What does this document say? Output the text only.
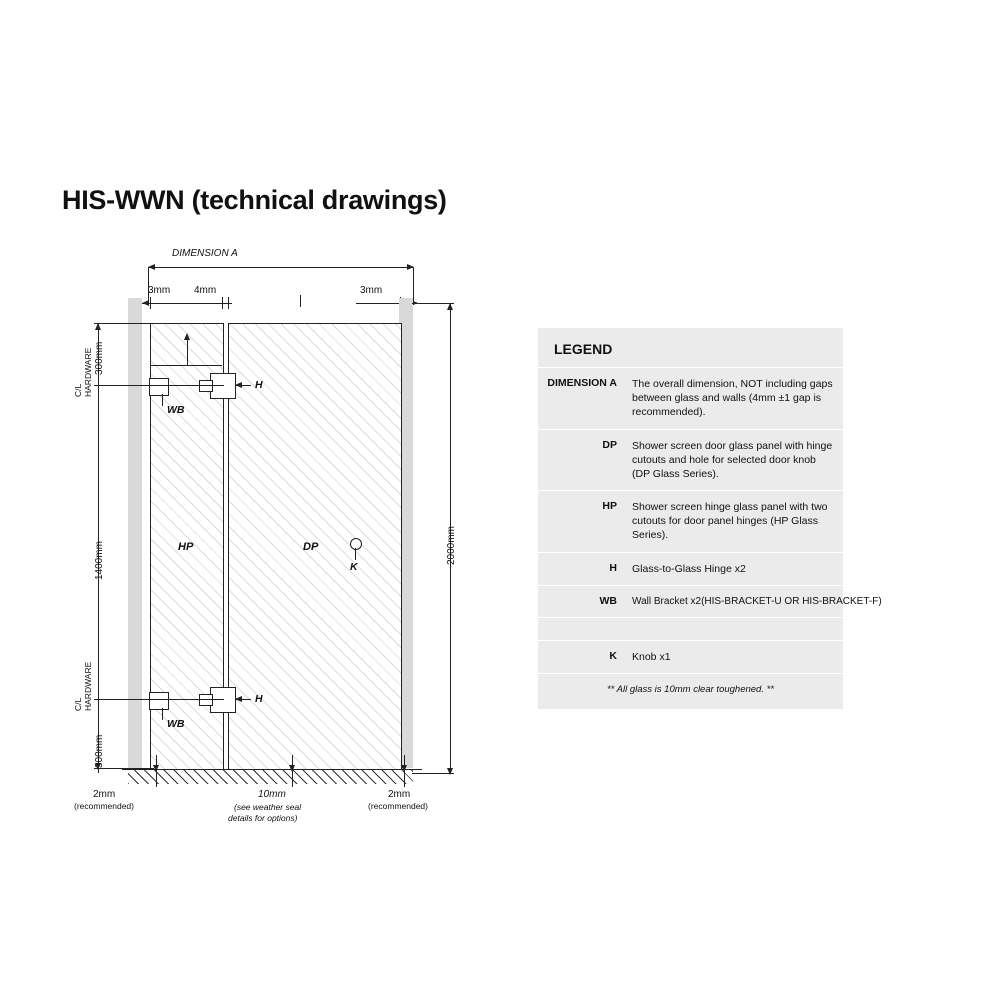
HIS-WWN (technical drawings)
DIMENSION A
3mm 4mm	3mm
HP	DP
H
WB
H
WB
K
300mm
1400mm
300mm
C/L
HARDWARE
C/L
HARDWARE
2000mm
2mm
(recommended)
10mm
(see weather seal
details for options)
2mm
(recommended)
LEGEND
DIMENSION A	The overall dimension, NOT including gaps between glass and walls (4mm ±1 gap is recommended).
DP	Shower screen door glass panel with hinge cutouts and hole for selected door knob (DP Glass Series).
HP	Shower screen hinge glass panel with two cutouts for door panel hinges (HP Glass Series).
H	Glass-to-Glass Hinge x2
WB	Wall Bracket x2(HIS-BRACKET-U OR HIS-BRACKET-F)
K	Knob x1
** All glass is 10mm clear toughened. **
